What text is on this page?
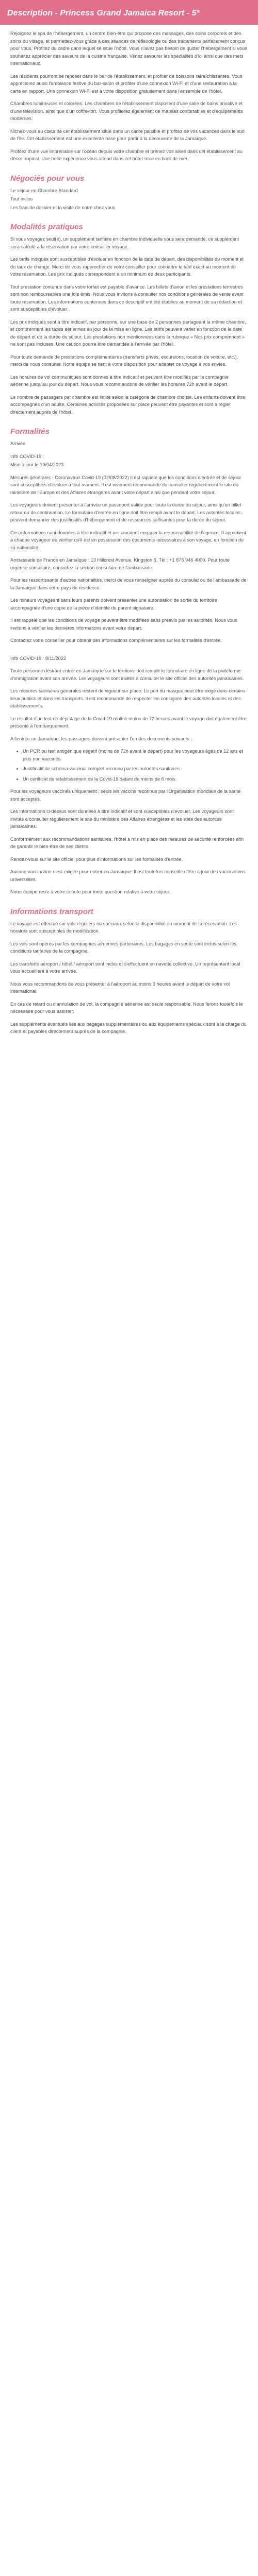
Description - Princess Grand Jamaica Resort - 5*

Rejoignez le spa de l'hébergement, un centre bien-être qui propose des massages, des soins corporels et des soins du visage, et permettez-vous grâce à des séances de réflexologie ou des traitements parfaitement conçus pour vous. Profitez du cadre dans lequel se situe l'hôtel. Vous n'avez pas besoin de quitter l'hébergement si vous souhaitez apprécier des saveurs de la cuisine française. Venez savourer les spécialités d'ici ainsi que des mets internationaux.

Les résidents pourront se reposer dans le bar de l'établissement, et profiter de boissons rafraîchissantes. Vous apprécierez aussi l'ambiance festive du bar-salon et profiter d'une connexion Wi-Fi et d'une restauration à la carte en rapport. Une connexion Wi-Fi est à votre disposition gratuitement dans l'ensemble de l'hôtel.

Chambres lumineuses et colorées. Les chambres de l'établissement disposent d'une salle de bains privative et d'une télévision, ainsi que d'un coffre-fort. Vous profiterez également de matelas confortables et d'équipements modernes.

Nichez-vous au cœur de cet établissement situé dans un cadre paisible et profitez de vos vacances dans le sud de l'île. Cet établissement est une excellente base pour partir à la découverte de la Jamaïque.

Profitez d'une vue imprenable sur l'océan depuis votre chambre et prenez vos aises dans cet établissement au décor tropical. Une belle expérience vous attend dans cet hôtel situé en bord de mer.

Négociés pour vous

Le séjour en Chambre Standard

Tout inclus

Les frais de dossier et la visite de notre chez vous

Modalités pratiques

Si vous voyagez seul(e), un supplément tarifaire en chambre individuelle vous sera demandé, ce supplément sera calculé à la réservation par votre conseiller voyage.

Les tarifs indiqués sont susceptibles d'évoluer en fonction de la date de départ, des disponibilités du moment et du taux de change. Merci de vous rapprocher de votre conseiller pour connaître le tarif exact au moment de votre réservation. Les prix indiqués correspondent à un minimum de deux participants.

Tout prestation contenue dans votre forfait est payable d'avance. Les billets d'avion et les prestations terrestres sont non remboursables une fois émis. Nous vous invitons à consulter nos conditions générales de vente avant toute réservation. Les informations contenues dans ce descriptif ont été établies au moment de sa rédaction et sont susceptibles d'évoluer.

Les prix indiqués sont à titre indicatif, par personne, sur une base de 2 personnes partageant la même chambre, et comprennent les taxes aériennes au jour de la mise en ligne. Les tarifs peuvent varier en fonction de la date de départ et de la durée du séjour. Les prestations non mentionnées dans la rubrique « Nos prix comprennent » ne sont pas incluses. Une caution pourra être demandée à l'arrivée par l'hôtel.

Pour toute demande de prestations complémentaires (transferts privés, excursions, location de voiture, etc.), merci de nous consulter. Notre équipe se tient à votre disposition pour adapter ce voyage à vos envies.

Les horaires de vol communiqués sont donnés à titre indicatif et peuvent être modifiés par la compagnie aérienne jusqu'au jour du départ. Nous vous recommandons de vérifier les horaires 72h avant le départ.

Le nombre de passagers par chambre est limité selon la catégorie de chambre choisie. Les enfants doivent être accompagnés d'un adulte. Certaines activités proposées sur place peuvent être payantes et sont à régler directement auprès de l'hôtel.

Formalités

Arrivée

Info COVID-19 :

Mise à jour le 19/04/2023

Mesures générales - Coronavirus Covid-19 (02/08/2022) Il est rappelé que les conditions d'entrée et de séjour sont susceptibles d'évoluer à tout moment. Il est vivement recommandé de consulter régulièrement le site du ministère de l'Europe et des Affaires étrangères avant votre départ ainsi que pendant votre séjour.

Les voyageurs doivent présenter à l'arrivée un passeport valide pour toute la durée du séjour, ainsi qu'un billet retour ou de continuation. Le formulaire d'entrée en ligne doit être rempli avant le départ. Les autorités locales peuvent demander des justificatifs d'hébergement et de ressources suffisantes pour la durée du séjour.

Ces informations sont données à titre indicatif et ne sauraient engager la responsabilité de l'agence. Il appartient à chaque voyageur de vérifier qu'il est en possession des documents nécessaires à son voyage, en fonction de sa nationalité.

Ambassade de France en Jamaïque : 13 Hillcrest Avenue, Kingston 6. Tél : +1 876 946 4000. Pour toute urgence consulaire, contactez la section consulaire de l'ambassade.

Pour les ressortissants d'autres nationalités, merci de vous renseigner auprès du consulat ou de l'ambassade de la Jamaïque dans votre pays de résidence.

Les mineurs voyageant sans leurs parents doivent présenter une autorisation de sortie du territoire accompagnée d'une copie de la pièce d'identité du parent signataire.

Il est rappelé que les conditions de voyage peuvent être modifiées sans préavis par les autorités. Nous vous invitons à vérifier les dernières informations avant votre départ.

Contactez votre conseiller pour obtenir des informations complémentaires sur les formalités d'entrée.

Info COVID-19 : 8/11/2022

Toute personne désirant entrer en Jamaïque sur le territoire doit remplir le formulaire en ligne de la plateforme d'immigration avant son arrivée. Les voyageurs sont invités à consulter le site officiel des autorités jamaïcaines.

Les mesures sanitaires générales restent de vigueur sur place. Le port du masque peut être exigé dans certains lieux publics et dans les transports. Il est recommandé de respecter les consignes des autorités locales et des établissements.

Le résultat d'un test de dépistage de la Covid-19 réalisé moins de 72 heures avant le voyage doit également être présenté à l'embarquement.

A l'entrée en Jamaïque, les passagers doivent présenter l'un des documents suivants :

• Un PCR ou test antigénique négatif (moins de 72h avant le départ) pour les voyageurs âgés de 12 ans et plus non vaccinés
• Justificatif de schéma vaccinal complet reconnu par les autorités sanitaires
• Un certificat de rétablissement de la Covid-19 datant de moins de 6 mois

Pour les voyageurs vaccinés uniquement : seuls les vaccins reconnus par l'Organisation mondiale de la santé sont acceptés.

Les informations ci-dessus sont données à titre indicatif et sont susceptibles d'évoluer. Les voyageurs sont invités à consulter régulièrement le site du ministère des Affaires étrangères et les sites des autorités jamaïcaines.

Conformément aux recommandations sanitaires, l'hôtel a mis en place des mesures de sécurité renforcées afin de garantir le bien-être de ses clients.

Rendez-vous sur le site officiel pour plus d'informations sur les formalités d'entrée.

Aucune vaccination n'est exigée pour entrer en Jamaïque. Il est toutefois conseillé d'être à jour des vaccinations universelles.

Notre équipe reste à votre écoute pour toute question relative à votre séjour.

Informations transport

Le voyage est effectué sur vols réguliers ou spéciaux selon la disponibilité au moment de la réservation. Les horaires sont susceptibles de modification.

Les vols sont opérés par les compagnies aériennes partenaires. Les bagages en soute sont inclus selon les conditions tarifaires de la compagnie.

Les transferts aéroport / hôtel / aéroport sont inclus et s'effectuent en navette collective. Un représentant local vous accueillera à votre arrivée.

Nous vous recommandons de vous présenter à l'aéroport au moins 3 heures avant le départ de votre vol international.

En cas de retard ou d'annulation de vol, la compagnie aérienne est seule responsable. Nous ferons toutefois le nécessaire pour vous assister.

Les suppléments éventuels liés aux bagages supplémentaires ou aux équipements spéciaux sont à la charge du client et payables directement auprès de la compagnie.
